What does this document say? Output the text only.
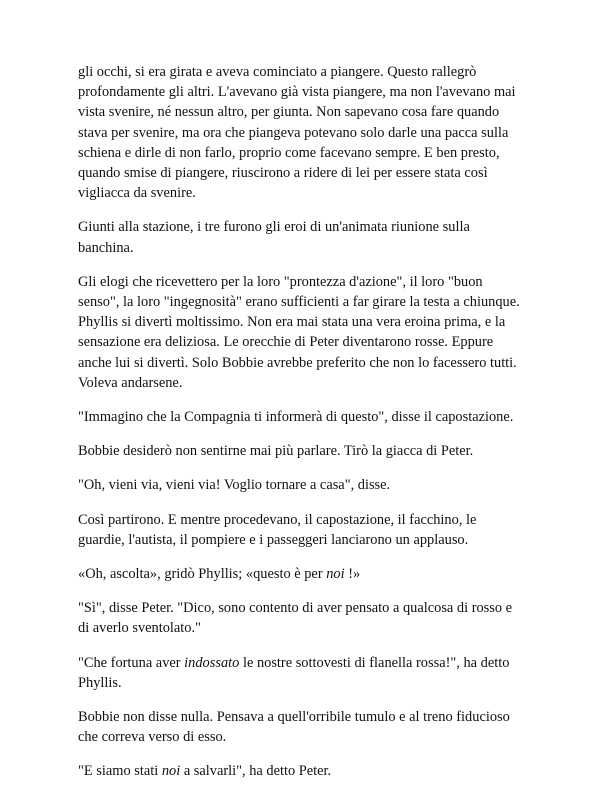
gli occhi, si era girata e aveva cominciato a piangere. Questo rallegrò profondamente gli altri. L'avevano già vista piangere, ma non l'avevano mai vista svenire, né nessun altro, per giunta. Non sapevano cosa fare quando stava per svenire, ma ora che piangeva potevano solo darle una pacca sulla schiena e dirle di non farlo, proprio come facevano sempre. E ben presto, quando smise di piangere, riuscirono a ridere di lei per essere stata così vigliacca da svenire.

Giunti alla stazione, i tre furono gli eroi di un'animata riunione sulla banchina.

Gli elogi che ricevettero per la loro "prontezza d'azione", il loro "buon senso", la loro "ingegnosità" erano sufficienti a far girare la testa a chiunque. Phyllis si divertì moltissimo. Non era mai stata una vera eroina prima, e la sensazione era deliziosa. Le orecchie di Peter diventarono rosse. Eppure anche lui si divertì. Solo Bobbie avrebbe preferito che non lo facessero tutti. Voleva andarsene.

"Immagino che la Compagnia ti informerà di questo", disse il capostazione.

Bobbie desiderò non sentirne mai più parlare. Tirò la giacca di Peter.

"Oh, vieni via, vieni via! Voglio tornare a casa", disse.

Così partirono. E mentre procedevano, il capostazione, il facchino, le guardie, l'autista, il pompiere e i passeggeri lanciarono un applauso.

«Oh, ascolta», gridò Phyllis; «questo è per noi !»

"Sì", disse Peter. "Dico, sono contento di aver pensato a qualcosa di rosso e di averlo sventolato."

"Che fortuna aver indossato le nostre sottovesti di flanella rossa!", ha detto Phyllis.

Bobbie non disse nulla. Pensava a quell'orribile tumulo e al treno fiducioso che correva verso di esso.

"E siamo stati noi a salvarli", ha detto Peter.
